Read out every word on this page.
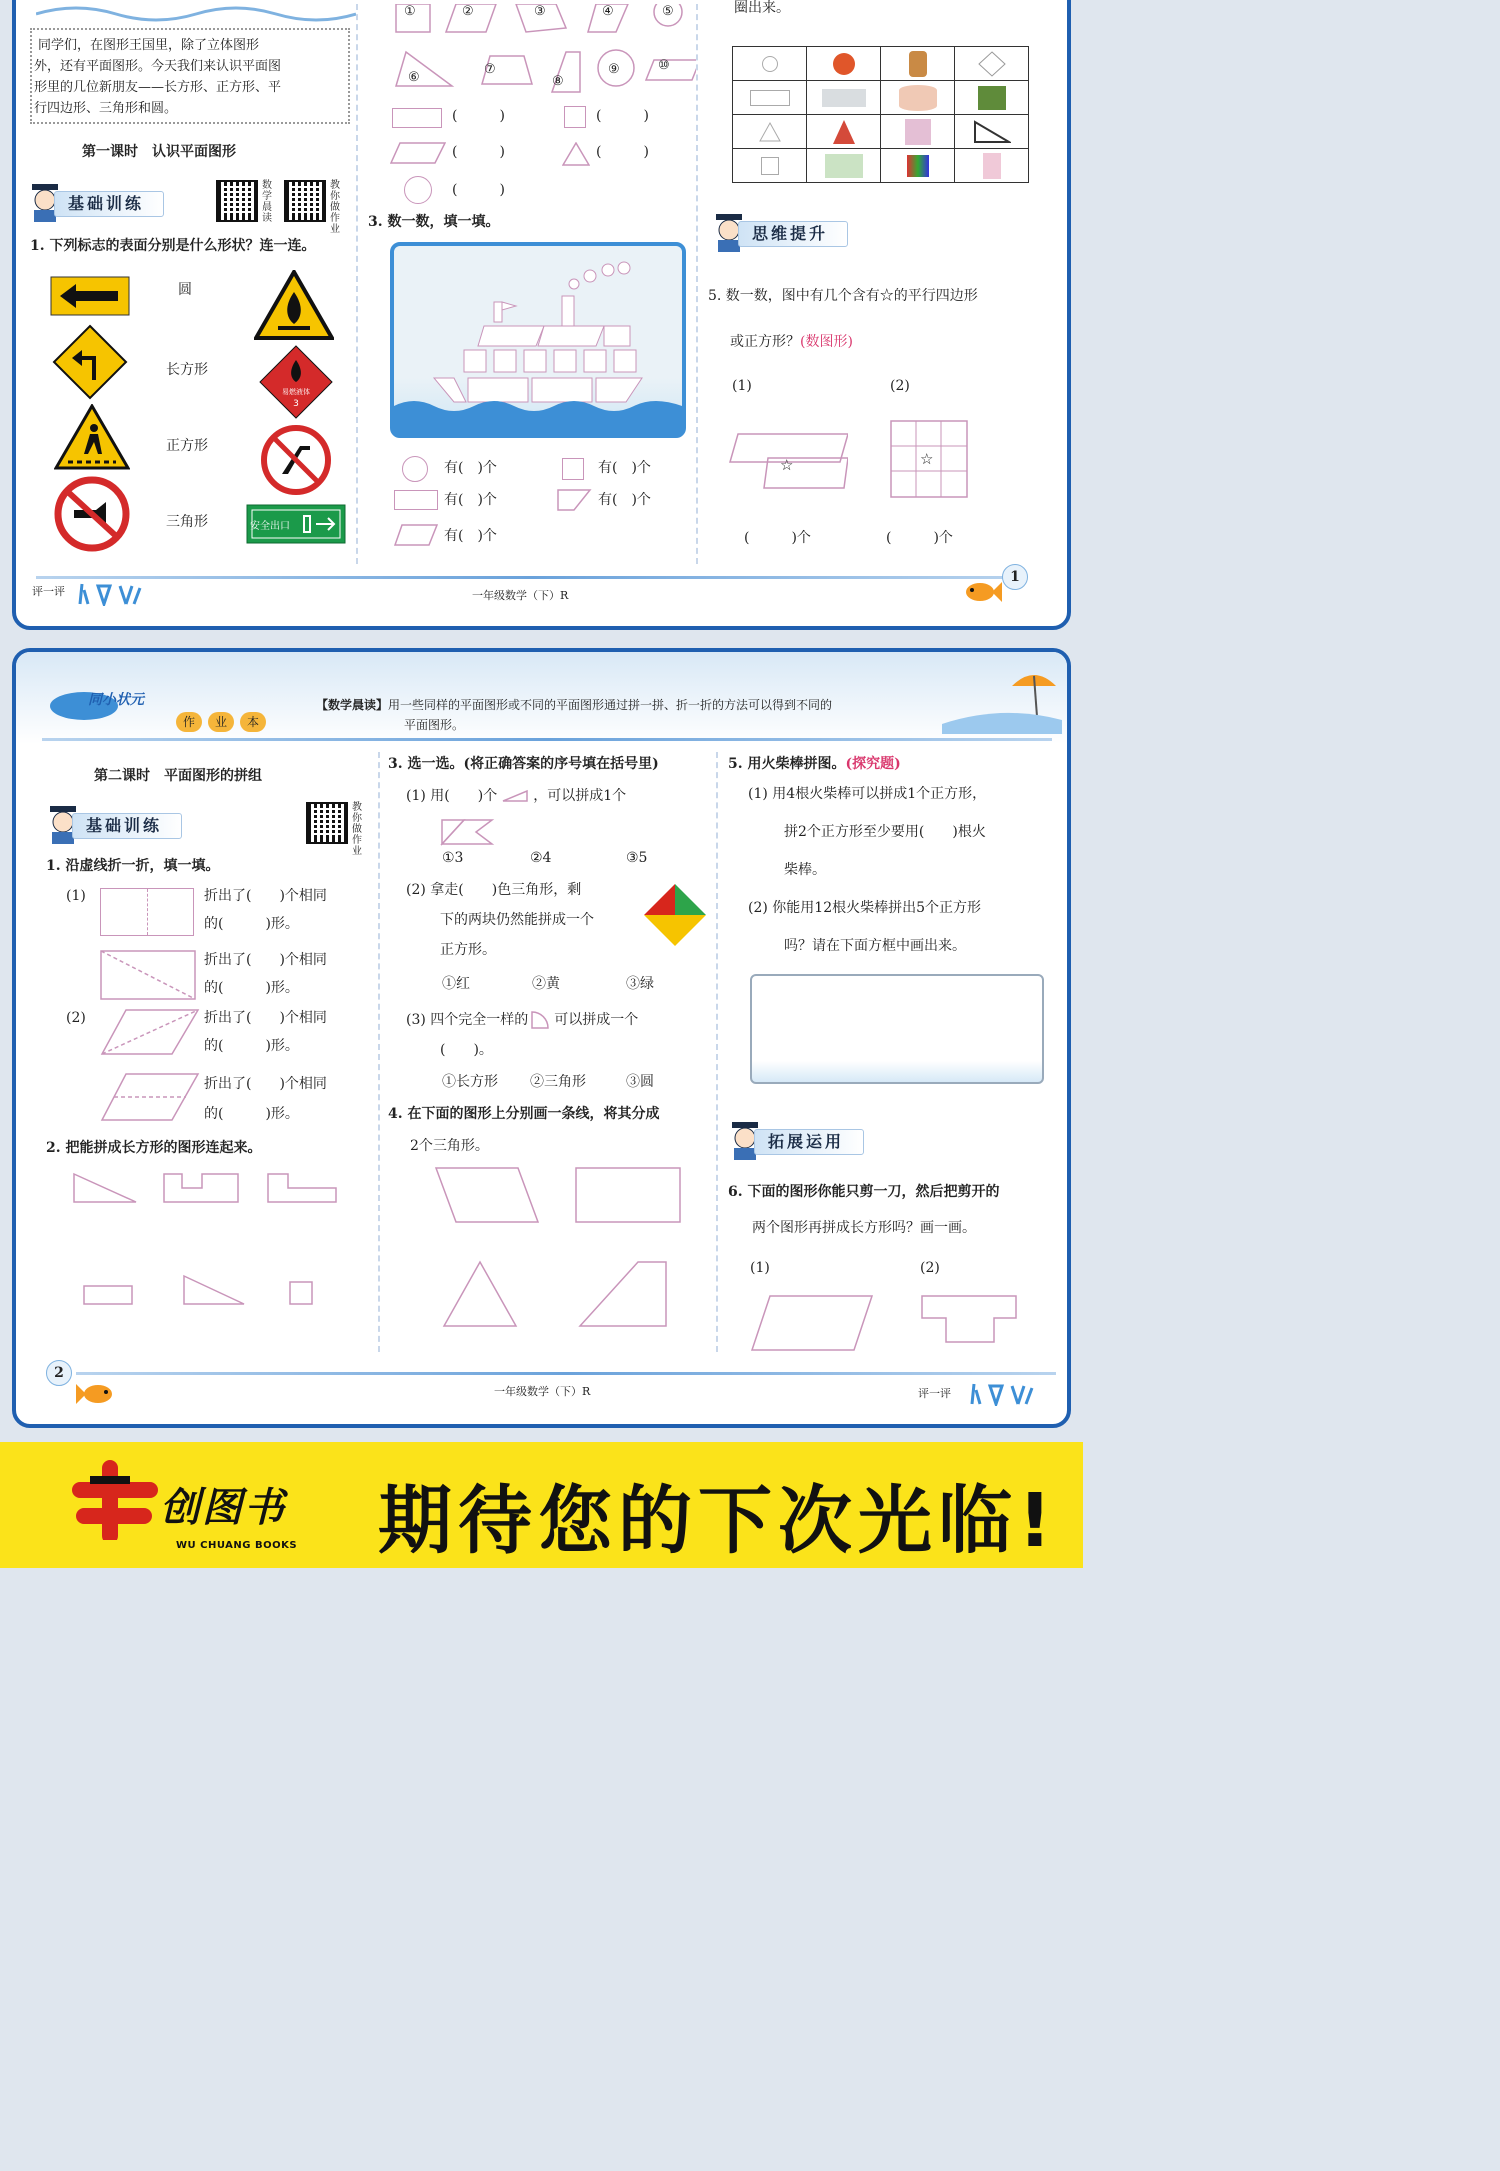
同学们，在图形王国里，除了立体图形
外，还有平面图形。今天我们来认识平面图
形里的几位新朋友——长方形、正方形、平
行四边形、三角形和圆。
第一课时　认识平面图形
基础训练
数学晨读
教你做作业
1. 下列标志的表面分别是什么形状？连一连。
圆
长方形
正方形
三角形
易燃液体
3
安全出口
①	②	③	④	⑤
⑥
⑦
⑧
⑨	⑩
(　　　)	(　　　)
(　　　)	(　　　)
(　　　)
3. 数一数，填一填。
有(　)个	有(　)个
有(　)个	有(　)个
有(　)个
圈出来。

思维提升
5. 数一数，图中有几个含有☆的平行四边形
或正方形？(数图形)
(1)	(2)
☆	☆
(　　　)个	(　　　)个
评一评	一年级数学（下）R
1
同小状元
作	业	本
【数学晨读】用一些同样的平面图形或不同的平面图形通过拼一拼、折一折的方法可以得到不同的
平面图形。
第二课时　平面图形的拼组
基础训练
教你做作业
1. 沿虚线折一折，填一填。
(1)	折出了(　　)个相同
的(　　　)形。
折出了(　　)个相同
的(　　　)形。
(2)	折出了(　　)个相同
的(　　　)形。
折出了(　　)个相同
的(　　　)形。
2. 把能拼成长方形的图形连起来。
3. 选一选。(将正确答案的序号填在括号里)
(1) 用(　　)个	，可以拼成1个
①3	②4	③5
(2) 拿走(　　)色三角形，剩
下的两块仍然能拼成一个
正方形。
①红	②黄	③绿
(3) 四个完全一样的 可以拼成一个
(　　)。
①长方形 ②三角形	③圆
4. 在下面的图形上分别画一条线，将其分成
2个三角形。
5. 用火柴棒拼图。(探究题)
(1) 用4根火柴棒可以拼成1个正方形，
拼2个正方形至少要用(　　)根火
柴棒。
(2) 你能用12根火柴棒拼出5个正方形
吗？请在下面方框中画出来。
拓展运用
6. 下面的图形你能只剪一刀，然后把剪开的
两个图形再拼成长方形吗？画一画。
(1)	(2)
2
一年级数学（下）R	评一评
创图书
WU CHUANG BOOKS 期待您的下次光临!
